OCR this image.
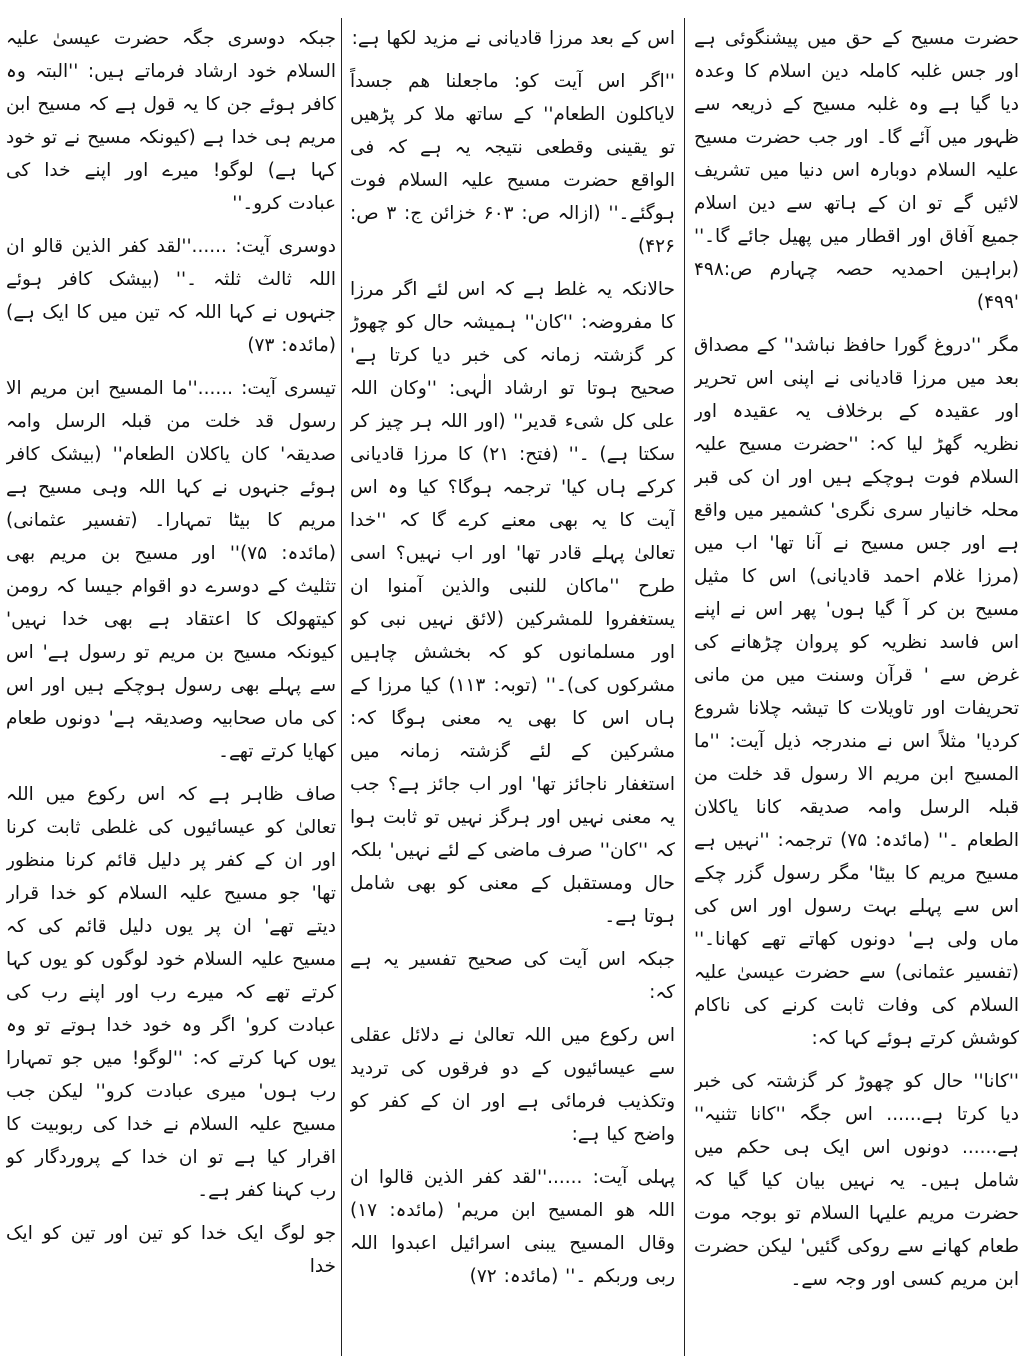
حضرت مسیح کے حق میں پیشنگوئی ہے اور جس غلبہ کاملہ دین اسلام کا وعدہ دیا گیا ہے وہ غلبہ مسیح کے ذریعہ سے ظہور میں آئے گا۔ اور جب حضرت مسیح علیہ السلام دوبارہ اس دنیا میں تشریف لائیں گے تو ان کے ہاتھ سے دین اسلام جمیع آفاق اور اقطار میں پھیل جائے گا۔'' (براہین احمدیہ حصہ چہارم ص:۴۹۸ '۴۹۹)

مگر ''دروغ گورا حافظ نباشد'' کے مصداق بعد میں مرزا قادیانی نے اپنی اس تحریر اور عقیدہ کے برخلاف یہ عقیدہ اور نظریہ گھڑ لیا کہ: ''حضرت مسیح علیہ السلام فوت ہوچکے ہیں اور ان کی قبر محلہ خانیار سری نگری' کشمیر میں واقع ہے اور جس مسیح نے آنا تھا' اب میں (مرزا غلام احمد قادیانی) اس کا مثیل مسیح بن کر آ گیا ہوں' پھر اس نے اپنے اس فاسد نظریہ کو پروان چڑھانے کی غرض سے ' قرآن وسنت میں من مانی تحریفات اور تاویلات کا تیشہ چلانا شروع کردیا' مثلاً اس نے مندرجہ ذیل آیت: ''ما المسیح ابن مریم الا رسول قد خلت من قبلہ الرسل وامہ صدیقہ کانا یاکلان الطعام ۔'' (مائدہ: ۷۵) ترجمہ: ''نہیں ہے مسیح مریم کا بیٹا' مگر رسول گزر چکے اس سے پہلے بہت رسول اور اس کی ماں ولی ہے' دونوں کھاتے تھے کھانا۔'' (تفسیر عثمانی) سے حضرت عیسیٰ علیہ السلام کی وفات ثابت کرنے کی ناکام کوشش کرتے ہوئے کہا کہ:

''کانا'' حال کو چھوڑ کر گزشتہ کی خبر دیا کرتا ہے...... اس جگہ ''کانا تثنیہ'' ہے...... دونوں اس ایک ہی حکم میں شامل ہیں۔ یہ نہیں بیان کیا گیا کہ حضرت مریم علیہا السلام تو بوجہ موت طعام کھانے سے روکی گئیں' لیکن حضرت ابن مریم کسی اور وجہ سے۔

اس کے بعد مرزا قادیانی نے مزید لکھا ہے:

''اگر اس آیت کو: ماجعلنا ھم جسداً لایاکلون الطعام'' کے ساتھ ملا کر پڑھیں تو یقینی وقطعی نتیجہ یہ ہے کہ فی الواقع حضرت مسیح علیہ السلام فوت ہوگئے۔'' (ازالہ ص: ۶۰۳ خزائن ج: ۳ ص: ۴۲۶)

حالانکہ یہ غلط ہے کہ اس لئے اگر مرزا کا مفروضہ: ''کان'' ہمیشہ حال کو چھوڑ کر گزشتہ زمانہ کی خبر دیا کرتا ہے' صحیح ہوتا تو ارشاد الٰہی: ''وکان اللہ علی کل شیء قدیر'' (اور اللہ ہر چیز کر سکتا ہے) ۔'' (فتح: ۲۱) کا مرزا قادیانی کرکے ہاں کیا' ترجمہ ہوگا؟ کیا وہ اس آیت کا یہ بھی معنے کرے گا کہ ''خدا تعالیٰ پہلے قادر تھا' اور اب نہیں؟ اسی طرح ''ماکان للنبی والذین آمنوا ان یستغفروا للمشرکین (لائق نہیں نبی کو اور مسلمانوں کو کہ بخشش چاہیں مشرکوں کی)۔'' (توبہ: ۱۱۳) کیا مرزا کے ہاں اس کا بھی یہ معنی ہوگا کہ: مشرکین کے لئے گزشتہ زمانہ میں استغفار ناجائز تھا' اور اب جائز ہے؟ جب یہ معنی نہیں اور ہرگز نہیں تو ثابت ہوا کہ ''کان'' صرف ماضی کے لئے نہیں' بلکہ حال ومستقبل کے معنی کو بھی شامل ہوتا ہے۔

جبکہ اس آیت کی صحیح تفسیر یہ ہے کہ:

اس رکوع میں اللہ تعالیٰ نے دلائل عقلی سے عیسائیوں کے دو فرقوں کی تردید وتکذیب فرمائی ہے اور ان کے کفر کو واضح کیا ہے:

پہلی آیت: ......''لقد کفر الذین قالوا ان اللہ ھو المسیح ابن مریم' (مائدہ: ۱۷) وقال المسیح یبنی اسرائیل اعبدوا اللہ ربی وربکم ۔'' (مائدہ: ۷۲)

جبکہ دوسری جگہ حضرت عیسیٰ علیہ السلام خود ارشاد فرماتے ہیں: ''البتہ وہ کافر ہوئے جن کا یہ قول ہے کہ مسیح ابن مریم ہی خدا ہے (کیونکہ مسیح نے تو خود کہا ہے) لوگو! میرے اور اپنے خدا کی عبادت کرو۔''

دوسری آیت: ......''لقد کفر الذین قالو ان اللہ ثالث ثلثہ ۔'' (بیشک کافر ہوئے جنہوں نے کہا اللہ کہ تین میں کا ایک ہے) (مائدہ: ۷۳)

تیسری آیت: ......''ما المسیح ابن مریم الا رسول قد خلت من قبلہ الرسل وامہ صدیقہ' کان یاکلان الطعام'' (بیشک کافر ہوئے جنہوں نے کہا اللہ وہی مسیح ہے مریم کا بیٹا تمہارا۔ (تفسیر عثمانی) (مائدہ: ۷۵)'' اور مسیح بن مریم بھی تثلیث کے دوسرے دو اقوام جیسا کہ رومن کیتھولک کا اعتقاد ہے بھی خدا نہیں' کیونکہ مسیح بن مریم تو رسول ہے' اس سے پہلے بھی رسول ہوچکے ہیں اور اس کی ماں صحابیہ وصدیقہ ہے' دونوں طعام کھایا کرتے تھے۔

صاف ظاہر ہے کہ اس رکوع میں اللہ تعالیٰ کو عیسائیوں کی غلطی ثابت کرنا اور ان کے کفر پر دلیل قائم کرنا منظور تھا' جو مسیح علیہ السلام کو خدا قرار دیتے تھے' ان پر یوں دلیل قائم کی کہ مسیح علیہ السلام خود لوگوں کو یوں کہا کرتے تھے کہ میرے رب اور اپنے رب کی عبادت کرو' اگر وہ خود خدا ہوتے تو وہ یوں کہا کرتے کہ: ''لوگو! میں جو تمہارا رب ہوں' میری عبادت کرو'' لیکن جب مسیح علیہ السلام نے خدا کی ربوبیت کا اقرار کیا ہے تو ان خدا کے پروردگار کو رب کہنا کفر ہے۔

جو لوگ ایک خدا کو تین اور تین کو ایک خدا
